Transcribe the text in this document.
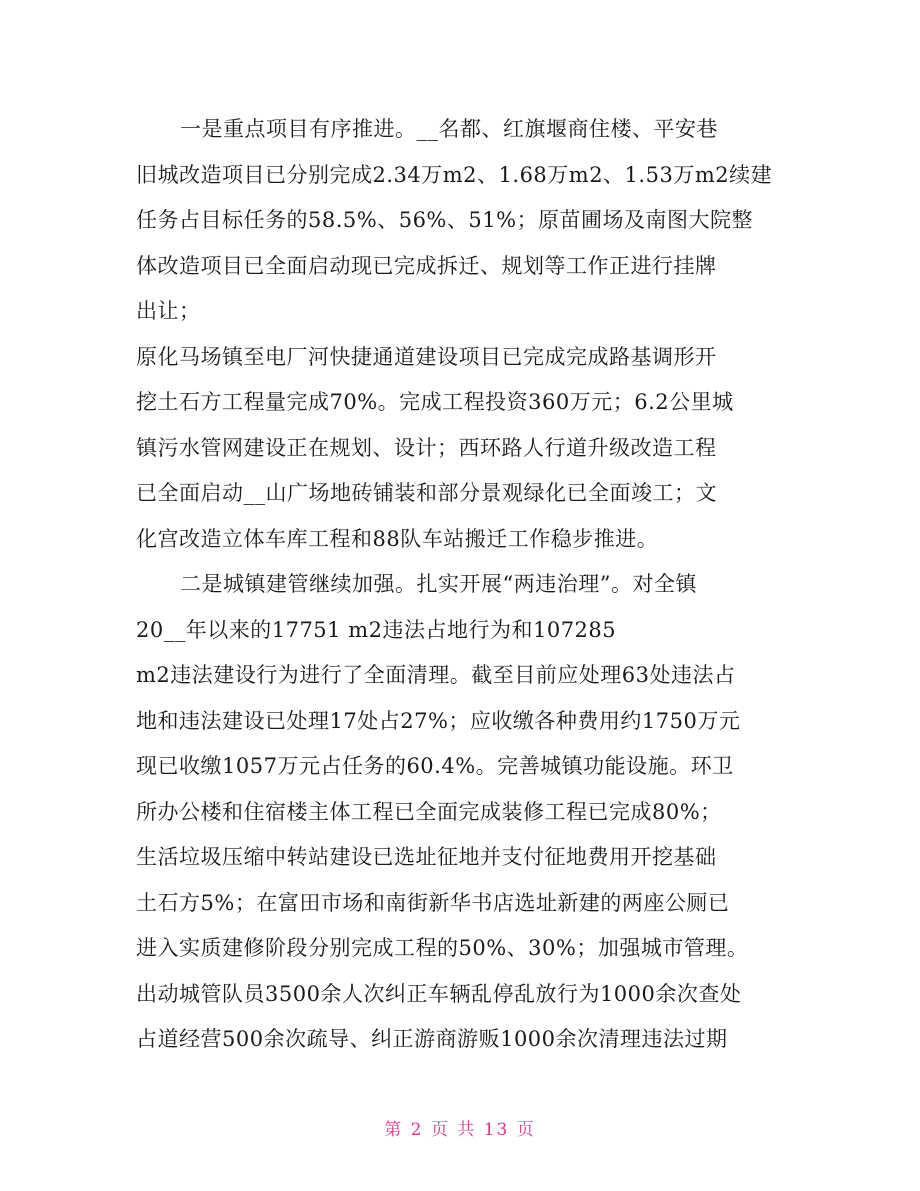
一是重点项目有序推进。__名都、红旗堰商住楼、平安巷
旧城改造项目已分别完成2.34万m2、1.68万m2、1.53万m2续建
任务占目标任务的58.5%、56%、51%；原苗圃场及南图大院整
体改造项目已全面启动现已完成拆迁、规划等工作正进行挂牌
出让；
原化马场镇至电厂河快捷通道建设项目已完成完成路基调形开
挖土石方工程量完成70%。完成工程投资360万元；6.2公里城
镇污水管网建设正在规划、设计；西环路人行道升级改造工程
已全面启动__山广场地砖铺装和部分景观绿化已全面竣工；文
化宫改造立体车库工程和88队车站搬迁工作稳步推进。
二是城镇建管继续加强。扎实开展“两违治理”。对全镇
20__年以来的17751 m2违法占地行为和107285
m2违法建设行为进行了全面清理。截至目前应处理63处违法占
地和违法建设已处理17处占27%；应收缴各种费用约1750万元
现已收缴1057万元占任务的60.4%。完善城镇功能设施。环卫
所办公楼和住宿楼主体工程已全面完成装修工程已完成80%；
生活垃圾压缩中转站建设已选址征地并支付征地费用开挖基础
土石方5%；在富田市场和南街新华书店选址新建的两座公厕已
进入实质建修阶段分别完成工程的50%、30%；加强城市管理。
出动城管队员3500余人次纠正车辆乱停乱放行为1000余次查处
占道经营500余次疏导、纠正游商游贩1000余次清理违法过期
第 2 页 共 13 页
